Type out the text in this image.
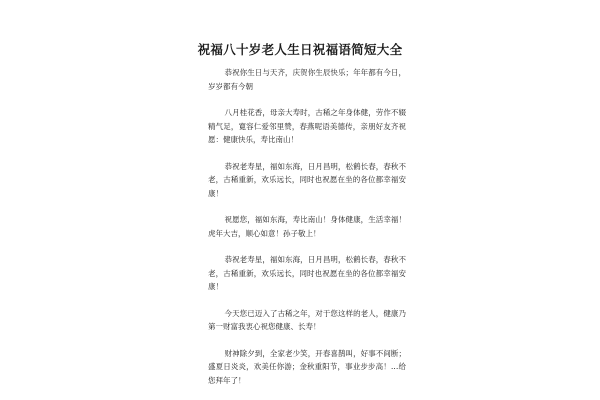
祝福八十岁老人生日祝福语简短大全

恭祝你生日与天齐，庆贺你生辰快乐；年年都有今日，岁岁都有今朝

八月桂花香，母亲大寿时，古稀之年身体健，劳作不辍精气足，寛容仁爱邻里赞，春燕呢语美德传，亲朋好友齐祝愿：健康快乐，寿比南山！

恭祝老寿星，福如东海，日月昌明，松鹤长春，春秋不老，古稀重新，欢乐远长，同时也祝愿在坐的各位都幸福安康！

祝愿您，福如东海，寿比南山！身体健康，生活幸福！虎年大吉，顺心如意！孙子敬上！

恭祝老寿星，福如东海，日月昌明，松鹤长春，春秋不老，古稀重新，欢乐远长，同时也祝愿在坐的各位都幸福安康！

今天您已迈入了古稀之年，对于您这样的老人，健康乃第一财富我衷心祝您健康、长寿！

财神除夕到，全家老少笑，开春喜鹊叫，好事不间断；盛夏日炎炎，欢美任你游；金秋重阳节，事业步步高！…给您拜年了！
